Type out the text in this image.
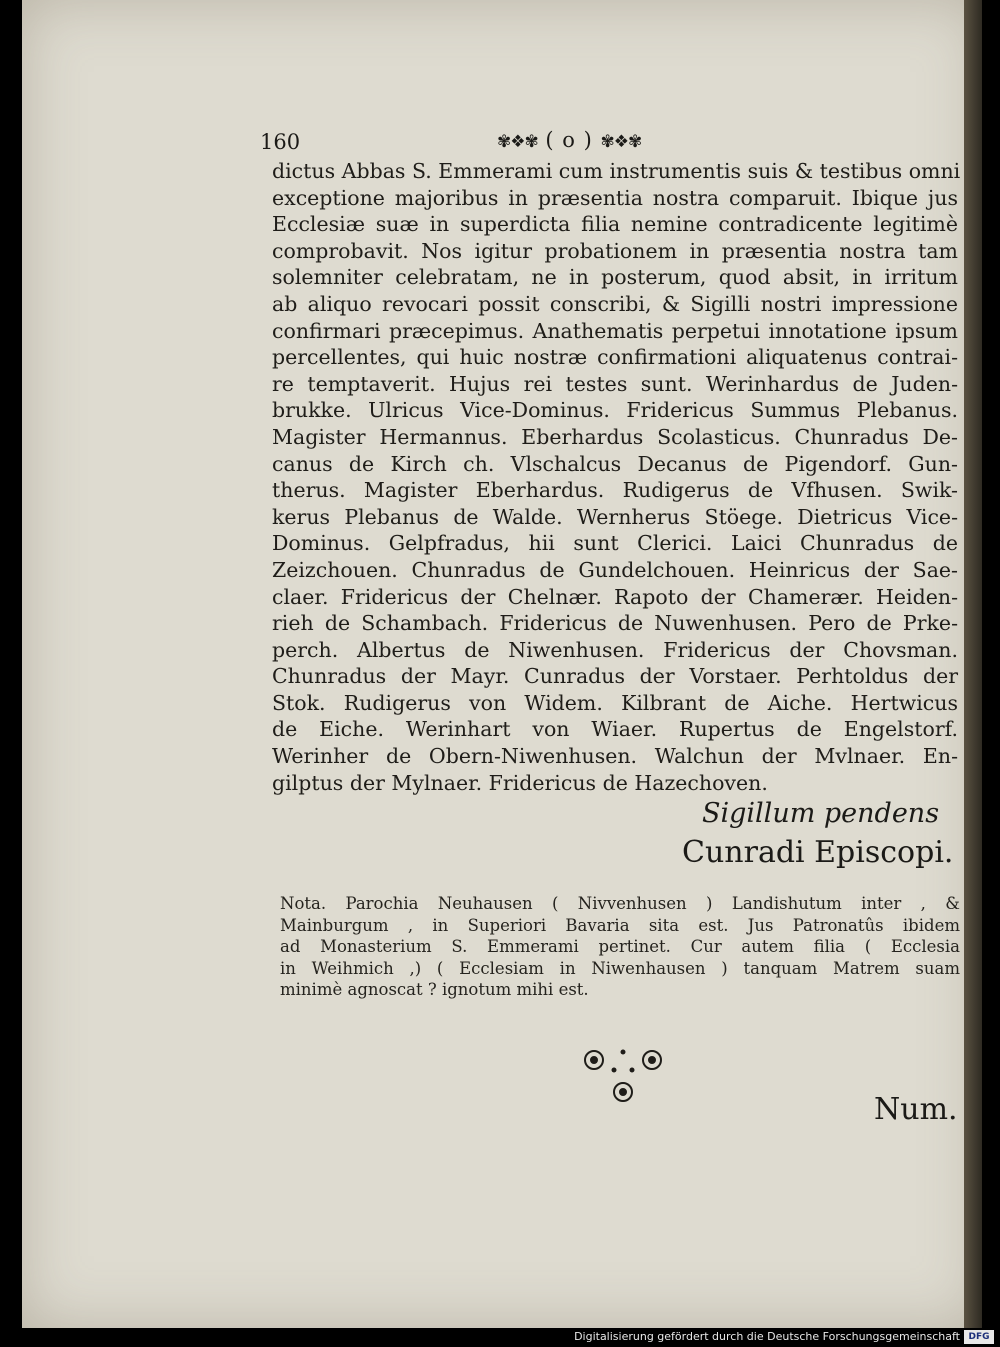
160	✾❖✾ ( o ) ✾❖✾
dictus Abbas S. Emmerami cum instrumentis suis & testibus omni
exceptione majoribus in præsentia nostra comparuit. Ibique jus
Ecclesiæ suæ in superdicta filia nemine contradicente legitimè
comprobavit. Nos igitur probationem in præsentia nostra tam
solemniter celebratam, ne in posterum, quod absit, in irritum
ab aliquo revocari possit conscribi, & Sigilli nostri impressione
confirmari præcepimus. Anathematis perpetui innotatione ipsum
percellentes, qui huic nostræ confirmationi aliquatenus contrai-
re temptaverit. Hujus rei testes sunt. Werinhardus de Juden-
brukke. Ulricus Vice-Dominus. Fridericus Summus Plebanus.
Magister Hermannus. Eberhardus Scolasticus. Chunradus De-
canus de Kirch ch. Vlschalcus Decanus de Pigendorf. Gun-
therus. Magister Eberhardus. Rudigerus de Vfhusen. Swik-
kerus Plebanus de Walde. Wernherus Stöege. Dietricus Vice-
Dominus. Gelpfradus, hii sunt Clerici. Laici Chunradus de
Zeizchouen. Chunradus de Gundelchouen. Heinricus der Sae-
claer. Fridericus der Chelnær. Rapoto der Chamerær. Heiden-
rieh de Schambach. Fridericus de Nuwenhusen. Pero de Prke-
perch. Albertus de Niwenhusen. Fridericus der Chovsman.
Chunradus der Mayr. Cunradus der Vorstaer. Perhtoldus der
Stok. Rudigerus von Widem. Kilbrant de Aiche. Hertwicus
de Eiche. Werinhart von Wiaer. Rupertus de Engelstorf.
Werinher de Obern-Niwenhusen. Walchun der Mvlnaer. En-
gilptus der Mylnaer. Fridericus de Hazechoven.
Sigillum pendens
Cunradi Episcopi.
Nota. Parochia Neuhausen ( Nivvenhusen ) Landishutum inter , &
Mainburgum , in Superiori Bavaria sita est. Jus Patronatûs ibidem
ad Monasterium S. Emmerami pertinet. Cur autem filia ( Ecclesia
in Weihmich ,) ( Ecclesiam in Niwenhausen ) tanquam Matrem suam
minimè agnoscat ? ignotum mihi est.
Num.
Digitalisierung gefördert durch die Deutsche Forschungsgemeinschaft DFG
